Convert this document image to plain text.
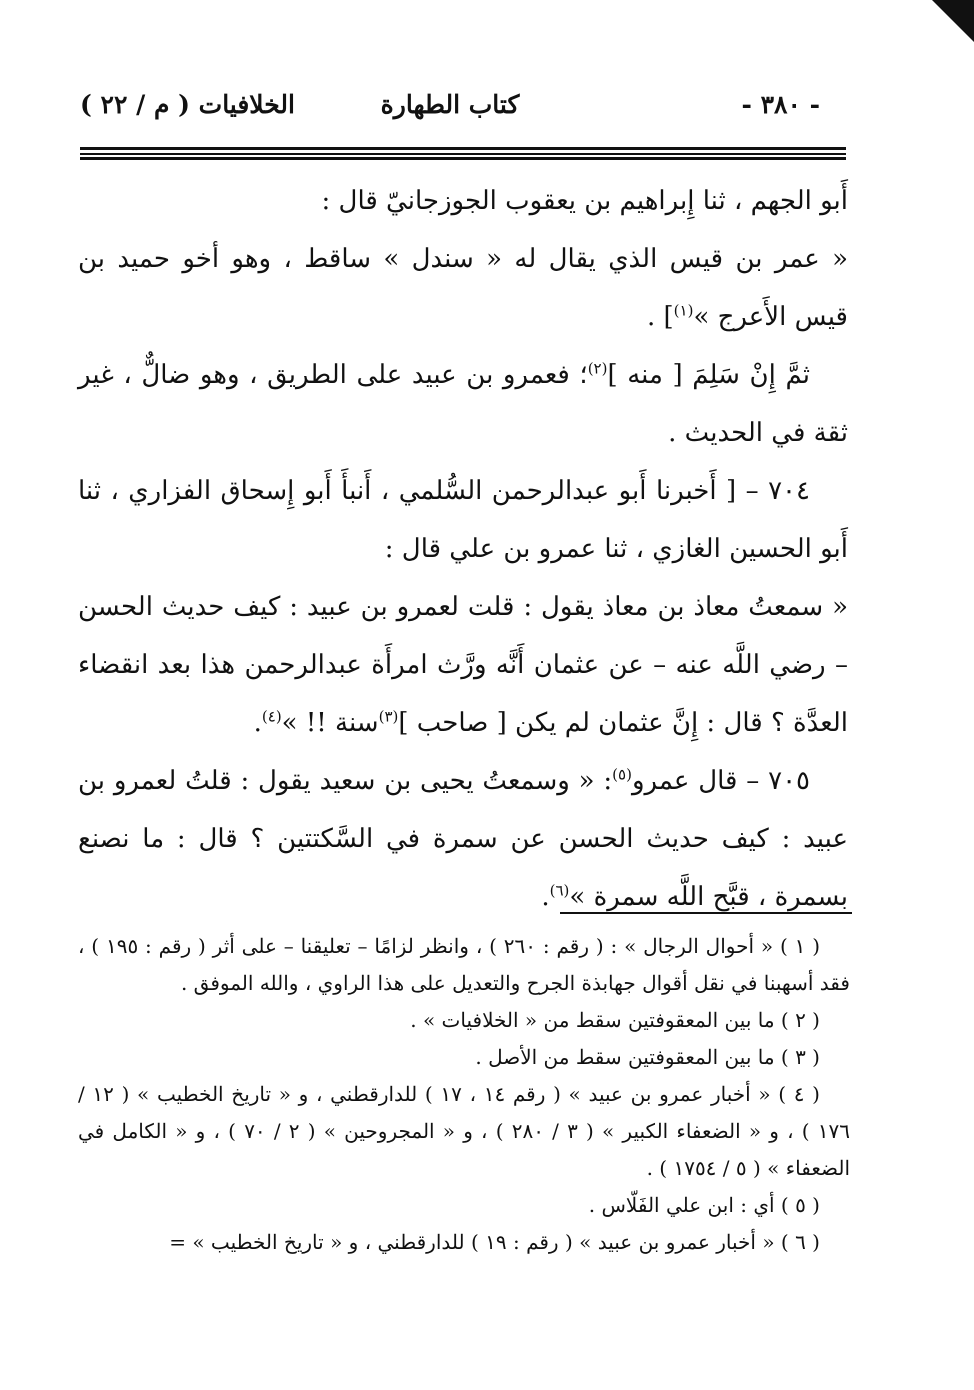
- ٣٨٠ -
كتاب الطهارة
الخلافيات ( م / ٢٢ )

أَبو الجهم ، ثنا إِبراهيم بن يعقوب الجوزجانيّ قال :

« عمر بن قيس الذي يقال له « سندل » ساقط ، وهو أخو حميد بن قيس الأَعرج »$^{(١)}$] .

ثمَّ إِنْ سَلِمَ [ منه ]$^{(٢)}$؛ فعمرو بن عبيد على الطريق ، وهو ضالٌّ ، غير ثقة في الحديث .

٧٠٤ – [ أَخبرنا أَبو عبدالرحمن السُّلمي ، أَنبأَ أَبو إِسحاق الفزاري ، ثنا أَبو الحسين الغازي ، ثنا عمرو بن علي قال :

« سمعتُ معاذ بن معاذ يقول : قلت لعمرو بن عبيد : كيف حديث الحسن – رضي اللَّه عنه – عن عثمان أَنَّه ورَّث امرأَة عبدالرحمن هذا بعد انقضاء العدَّة ؟ قال : إِنَّ عثمان لم يكن [ صاحب ]$^{(٣)}$سنة !! »$^{(٤)}$.

٧٠٥ – قال عمرو$^{(٥)}$: « وسمعتُ يحيى بن سعيد يقول : قلتُ لعمرو بن عبيد : كيف حديث الحسن عن سمرة في السَّكتتين ؟ قال : ما نصنع بسمرة ، قبَّح اللَّه سمرة »$^{(٦)}$.

( ١ ) « أحوال الرجال » : ( رقم : ٢٦٠ ) ، وانظر لزامًا – تعليقنا – على أثر ( رقم : ١٩٥ ) ، فقد أسهبنا في نقل أقوال جهابذة الجرح والتعديل على هذا الراوي ، والله الموفق .

( ٢ ) ما بين المعقوفتين سقط من « الخلافيات » .

( ٣ ) ما بين المعقوفتين سقط من الأصل .

( ٤ ) « أخبار عمرو بن عبيد » ( رقم ١٤ ، ١٧ ) للدارقطني ، و « تاريخ الخطيب » ( ١٢ / ١٧٦ ) ، و « الضعفاء الكبير » ( ٣ / ٢٨٠ ) ، و « المجروحين » ( ٢ / ٧٠ ) ، و « الكامل في الضعفاء » ( ٥ / ١٧٥٤ ) .

( ٥ ) أي : ابن علي الفَلّاس .

( ٦ ) « أخبار عمرو بن عبيد » ( رقم : ١٩ ) للدارقطني ، و « تاريخ الخطيب » =
